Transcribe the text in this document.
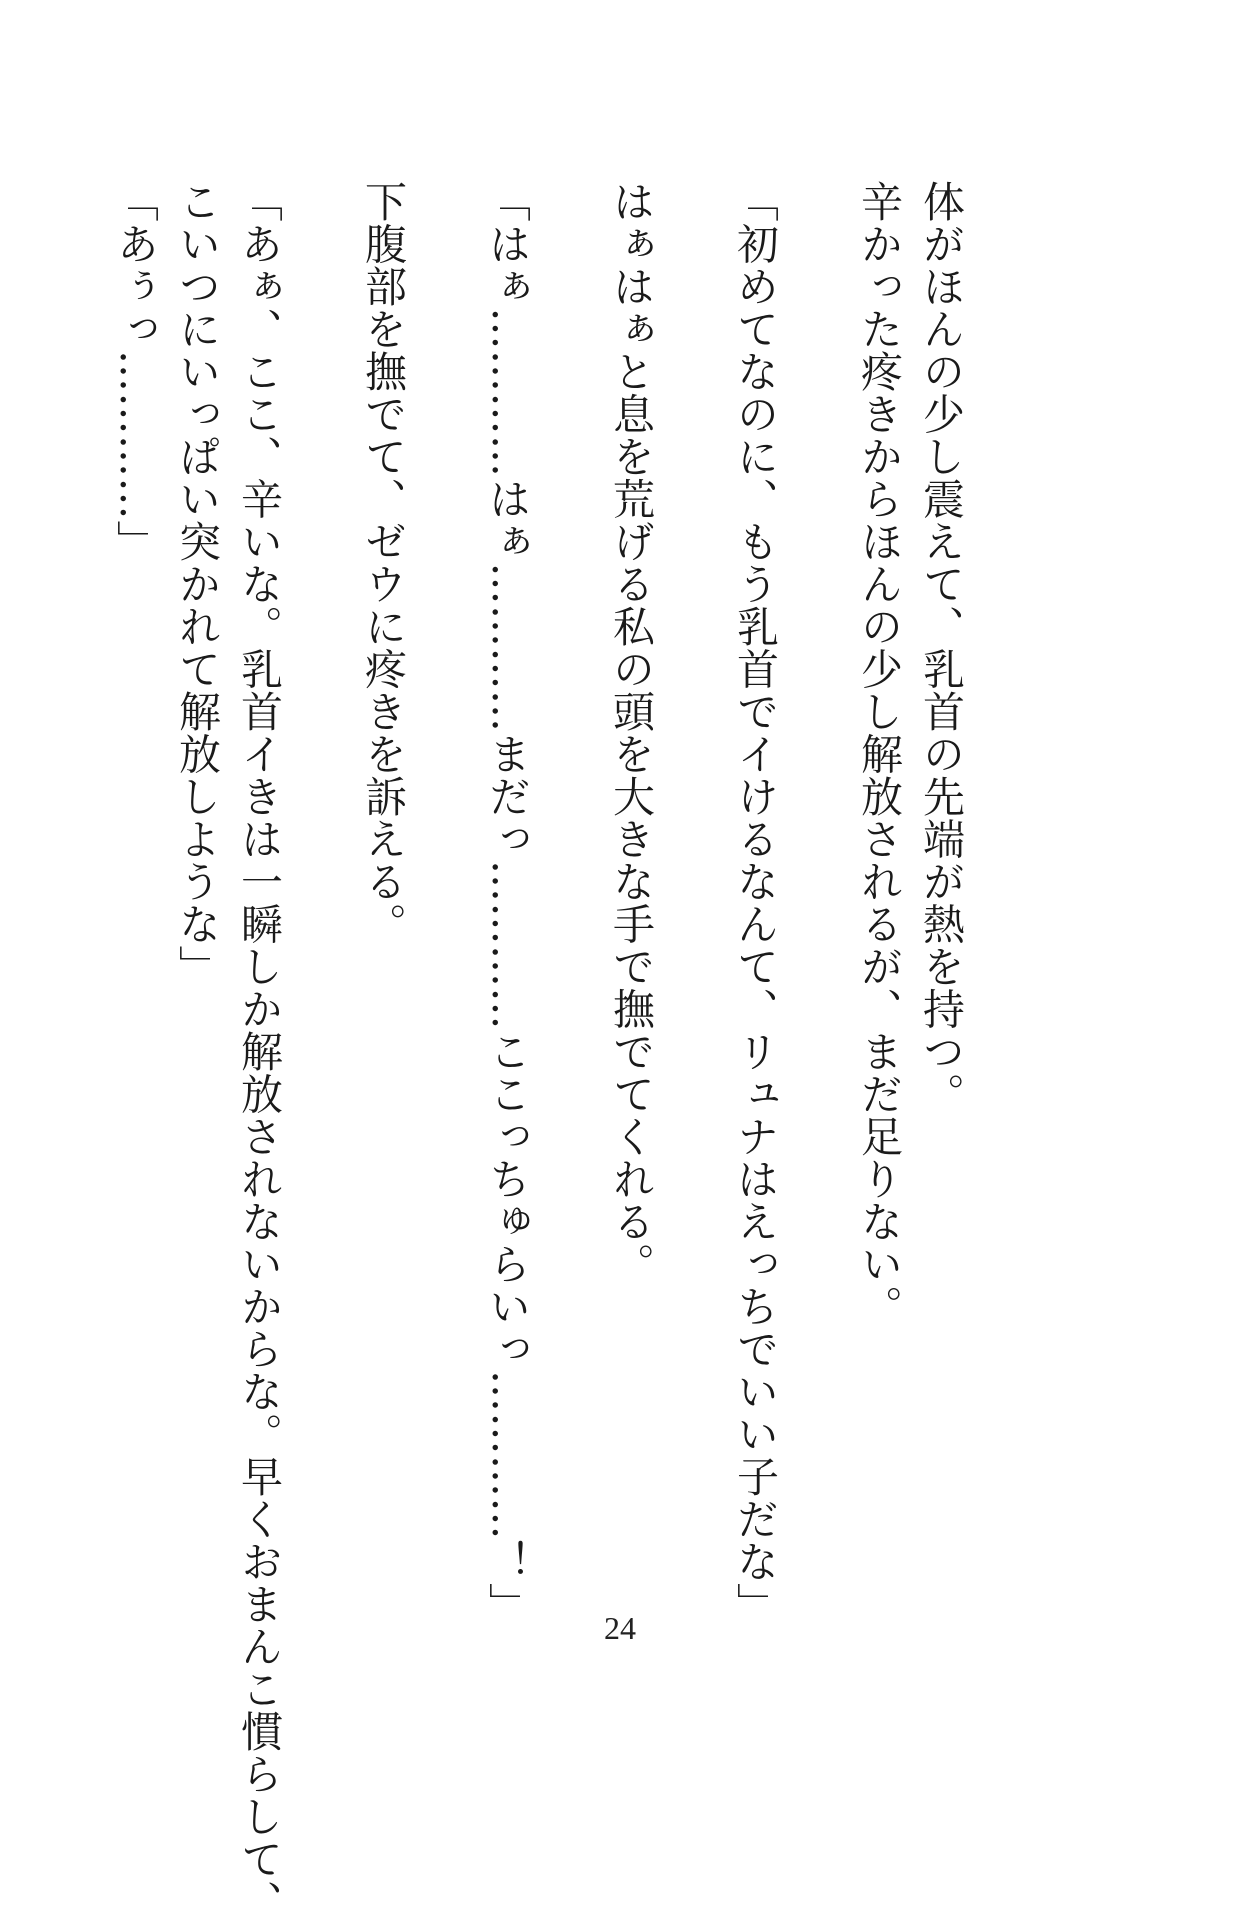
体がほんの少し震えて、乳首の先端が熱を持つ。
辛かった疼きからほんの少し解放されるが、まだ足りない。
「初めてなのに、もう乳首でイけるなんて、リュナはえっちでいい子だな」
はぁはぁと息を荒げる私の頭を大きな手で撫でてくれる。
「はぁ…………はぁ…………まだっ…………ここっちゅらいっ…………！」
下腹部を撫でて、ゼウに疼きを訴える。
「あぁ、ここ、辛いな。乳首イきは一瞬しか解放されないからな。早くおまんこ慣らして、
こいつにいっぱい突かれて解放しような」
「あぅっ…………」
24
